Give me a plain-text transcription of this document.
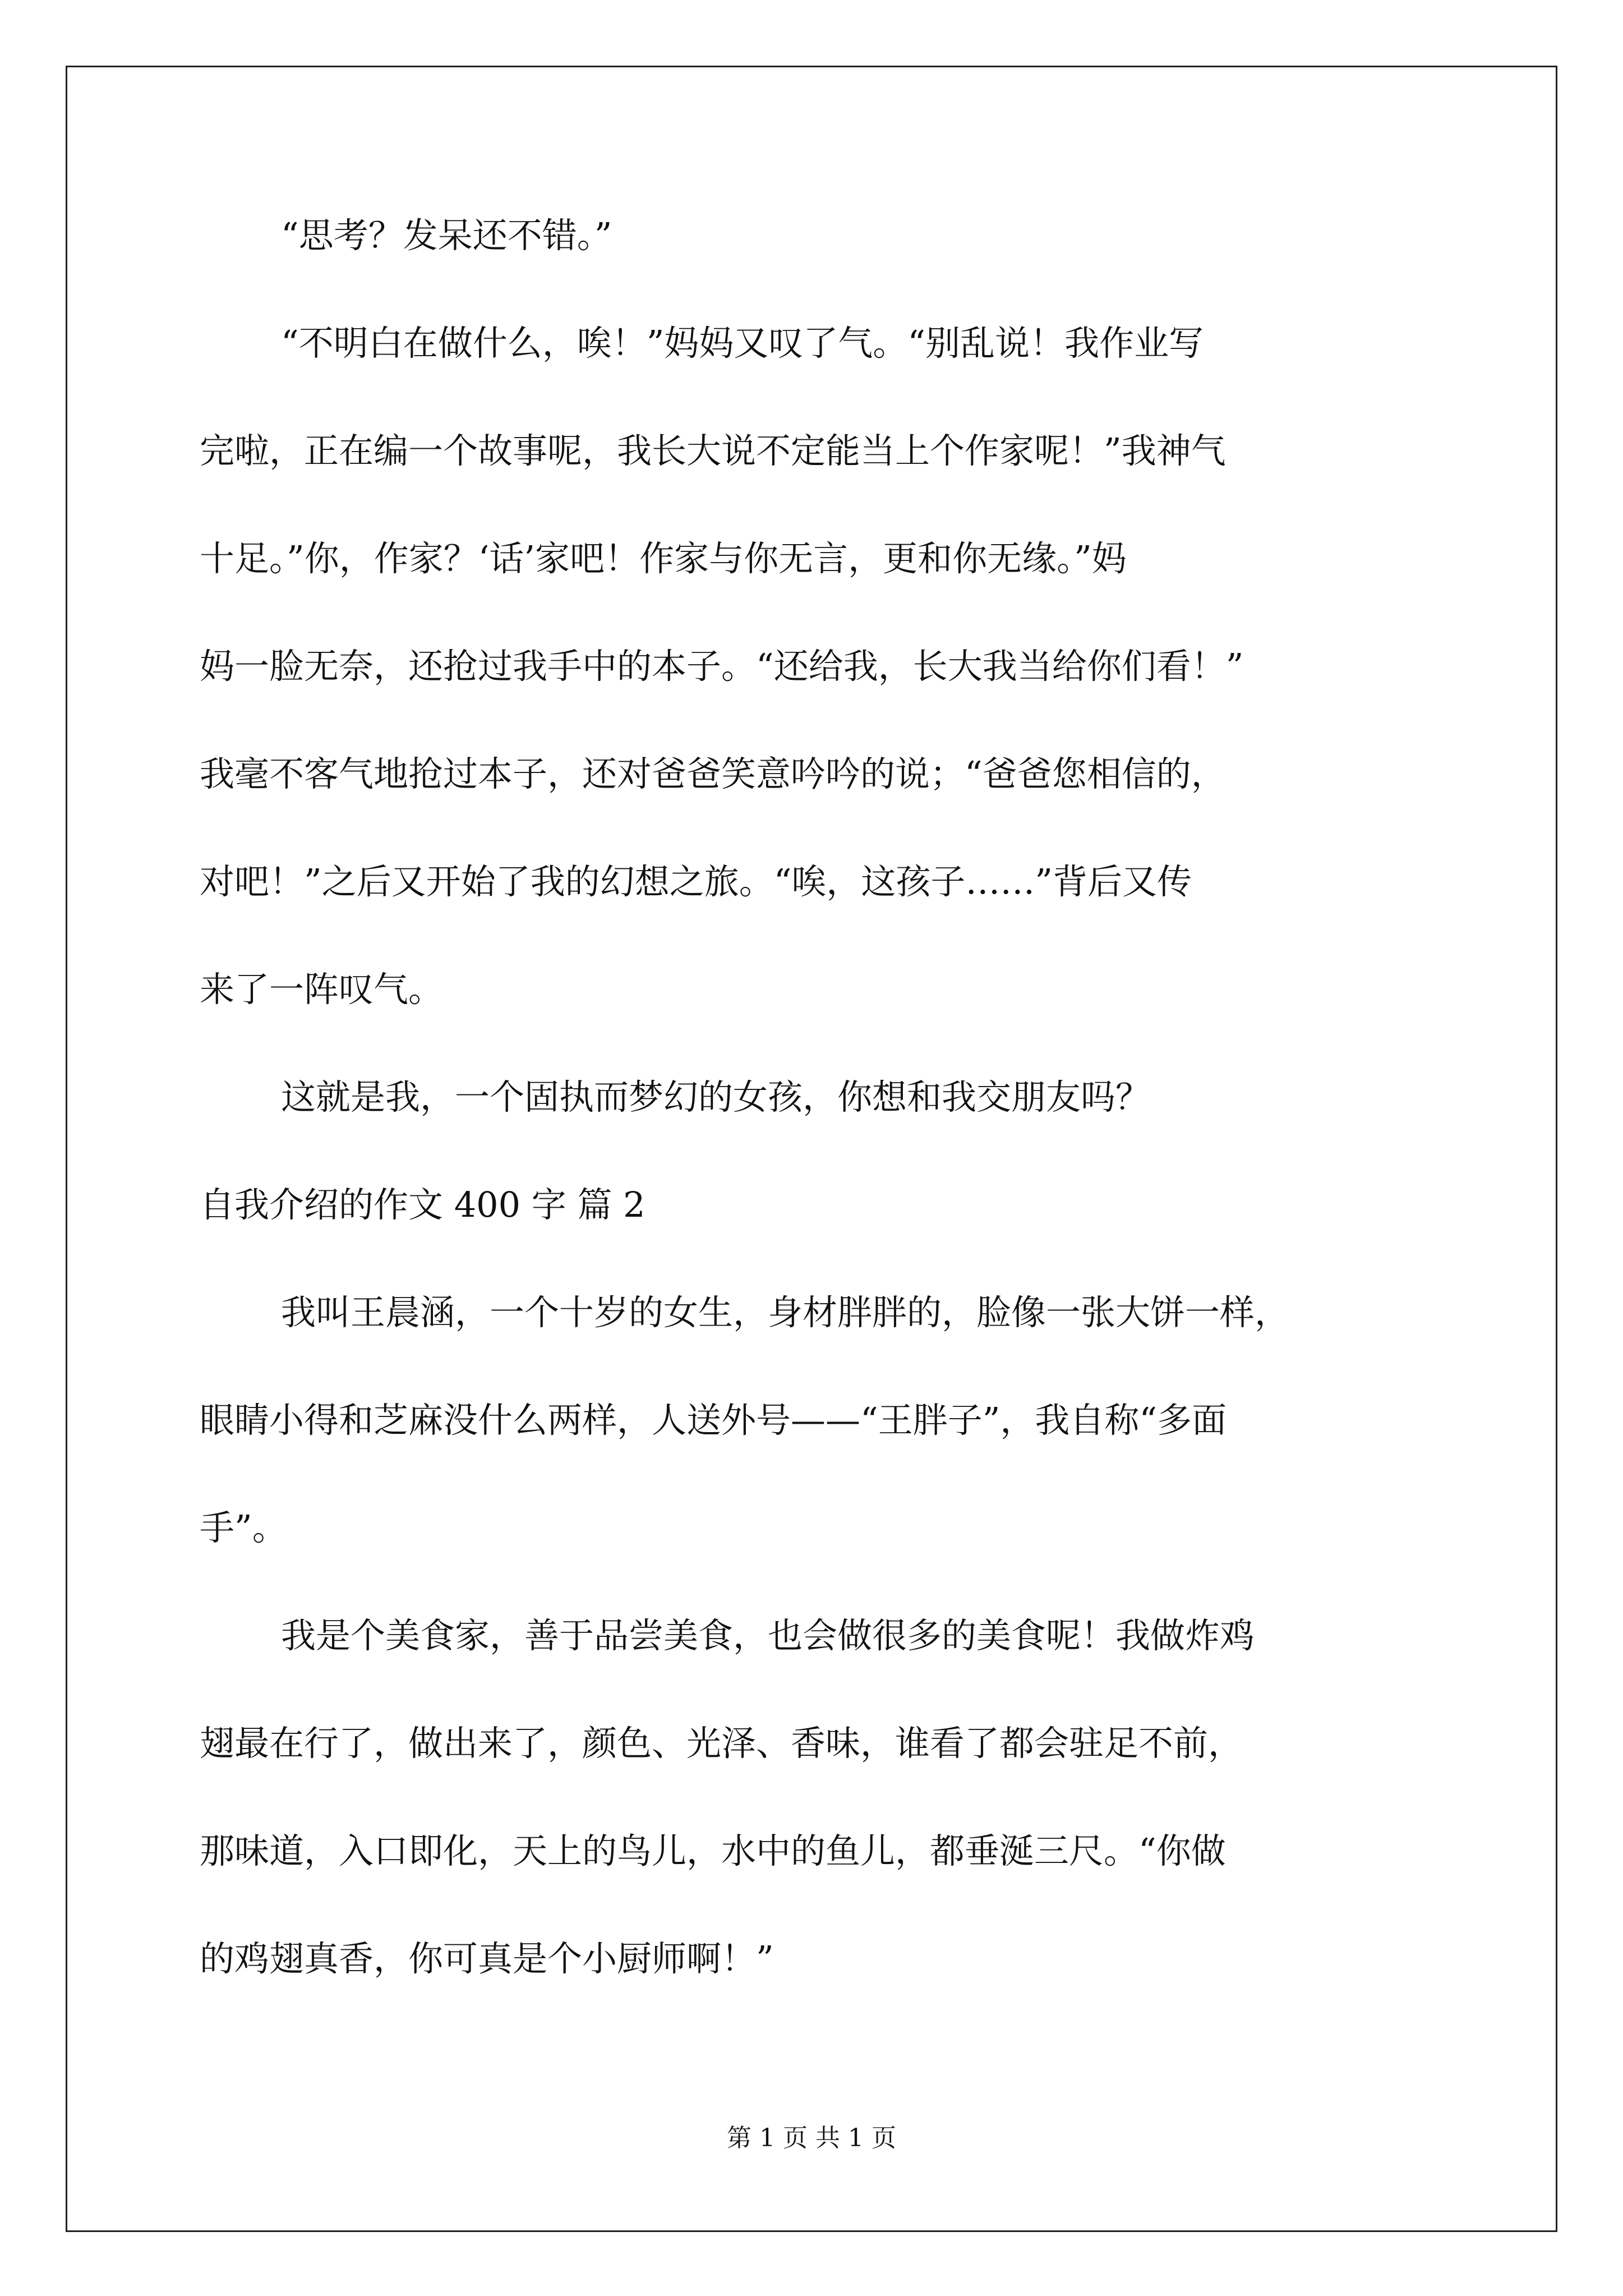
“思考？发呆还不错。”
“不明白在做什么，唉！”妈妈又叹了气。“别乱说！我作业写
完啦，正在编一个故事呢，我长大说不定能当上个作家呢！”我神气
十足。”你，作家？‘话’家吧！作家与你无言，更和你无缘。”妈
妈一脸无奈，还抢过我手中的本子。“还给我，长大我当给你们看！”
我毫不客气地抢过本子，还对爸爸笑意吟吟的说；“爸爸您相信的，
对吧！”之后又开始了我的幻想之旅。“唉，这孩子……”背后又传
来了一阵叹气。
这就是我，一个固执而梦幻的女孩，你想和我交朋友吗？
自我介绍的作文 400 字 篇 2
我叫王晨涵，一个十岁的女生，身材胖胖的，脸像一张大饼一样，
眼睛小得和芝麻没什么两样，人送外号——“王胖子”，我自称“多面
手”。
我是个美食家，善于品尝美食，也会做很多的美食呢！我做炸鸡
翅最在行了，做出来了，颜色、光泽、香味，谁看了都会驻足不前，
那味道，入口即化，天上的鸟儿，水中的鱼儿，都垂涎三尺。“你做
的鸡翅真香，你可真是个小厨师啊！”
第 1 页 共 1 页
